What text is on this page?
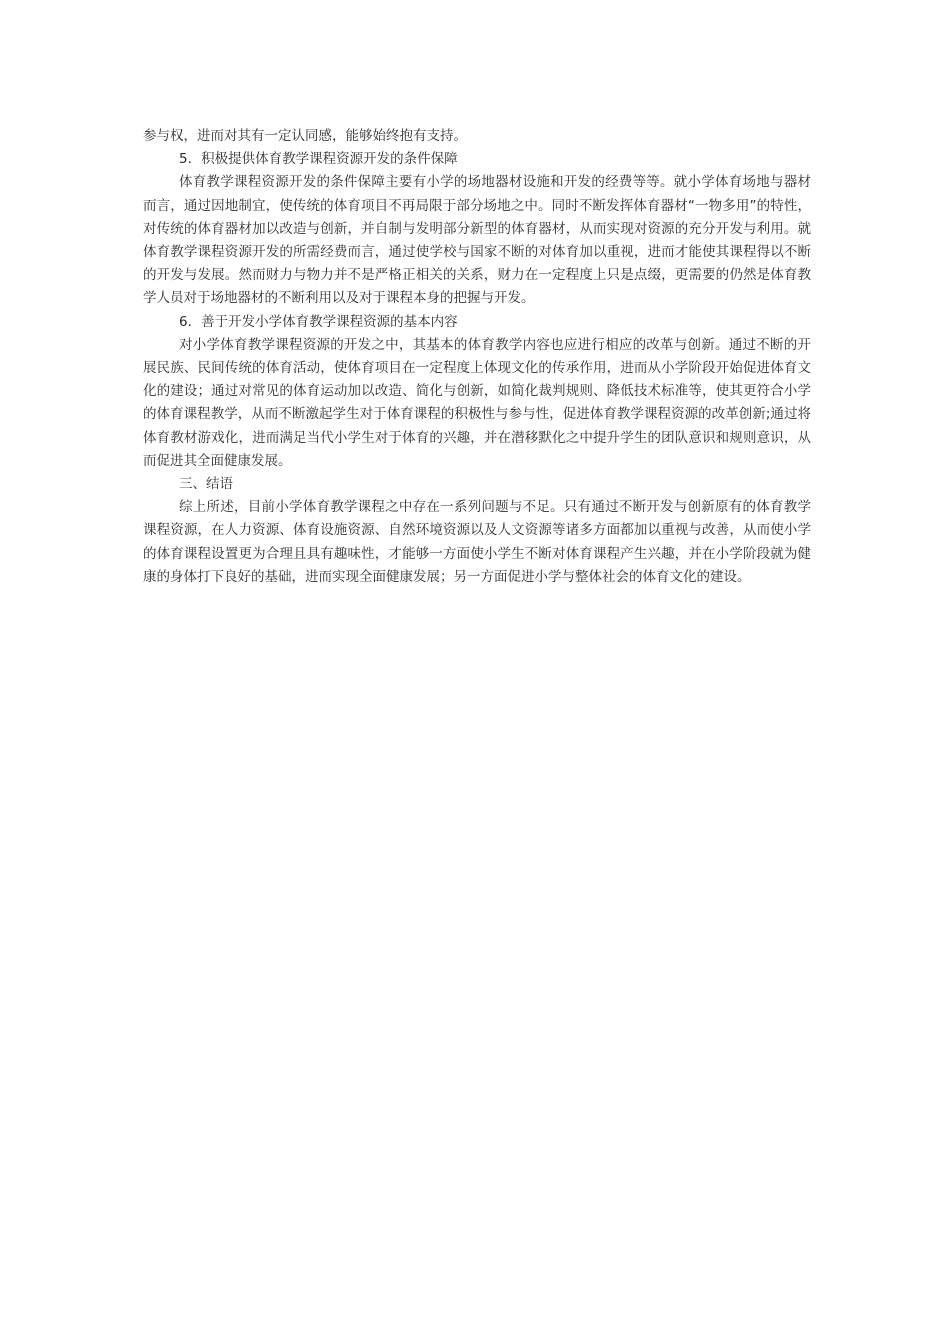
参与权，进而对其有一定认同感，能够始终抱有支持。

5．积极提供体育教学课程资源开发的条件保障

体育教学课程资源开发的条件保障主要有小学的场地器材设施和开发的经费等等。就小学体育场地与器材而言，通过因地制宜，使传统的体育项目不再局限于部分场地之中。同时不断发挥体育器材“一物多用”的特性，对传统的体育器材加以改造与创新，并自制与发明部分新型的体育器材，从而实现对资源的充分开发与利用。就体育教学课程资源开发的所需经费而言，通过使学校与国家不断的对体育加以重视，进而才能使其课程得以不断的开发与发展。然而财力与物力并不是严格正相关的关系，财力在一定程度上只是点缀，更需要的仍然是体育教学人员对于场地器材的不断利用以及对于课程本身的把握与开发。

6．善于开发小学体育教学课程资源的基本内容

对小学体育教学课程资源的开发之中，其基本的体育教学内容也应进行相应的改革与创新。通过不断的开展民族、民间传统的体育活动，使体育项目在一定程度上体现文化的传承作用，进而从小学阶段开始促进体育文化的建设；通过对常见的体育运动加以改造、简化与创新，如简化裁判规则、降低技术标准等，使其更符合小学的体育课程教学，从而不断激起学生对于体育课程的积极性与参与性，促进体育教学课程资源的改革创新;通过将体育教材游戏化，进而满足当代小学生对于体育的兴趣，并在潜移默化之中提升学生的团队意识和规则意识，从而促进其全面健康发展。

三、结语

综上所述，目前小学体育教学课程之中存在一系列问题与不足。只有通过不断开发与创新原有的体育教学课程资源，在人力资源、体育设施资源、自然环境资源以及人文资源等诸多方面都加以重视与改善，从而使小学的体育课程设置更为合理且具有趣味性，才能够一方面使小学生不断对体育课程产生兴趣，并在小学阶段就为健康的身体打下良好的基础，进而实现全面健康发展；另一方面促进小学与整体社会的体育文化的建设。
